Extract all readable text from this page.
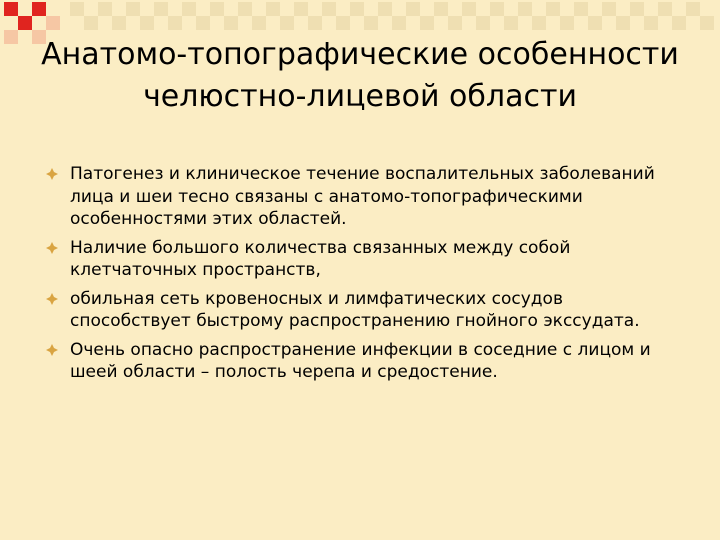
Анатомо-топографические особенности челюстно-лицевой области
Патогенез и клиническое течение воспалительных заболеваний лица и шеи тесно связаны с анатомо-топографическими особенностями этих областей.
Наличие большого количества связанных между собой клетчаточных пространств,
обильная сеть кровеносных и лимфатических сосудов способствует быстрому распространению гнойного экссудата.
Очень опасно распространение инфекции в соседние с лицом и шеей области – полость черепа и средостение.
